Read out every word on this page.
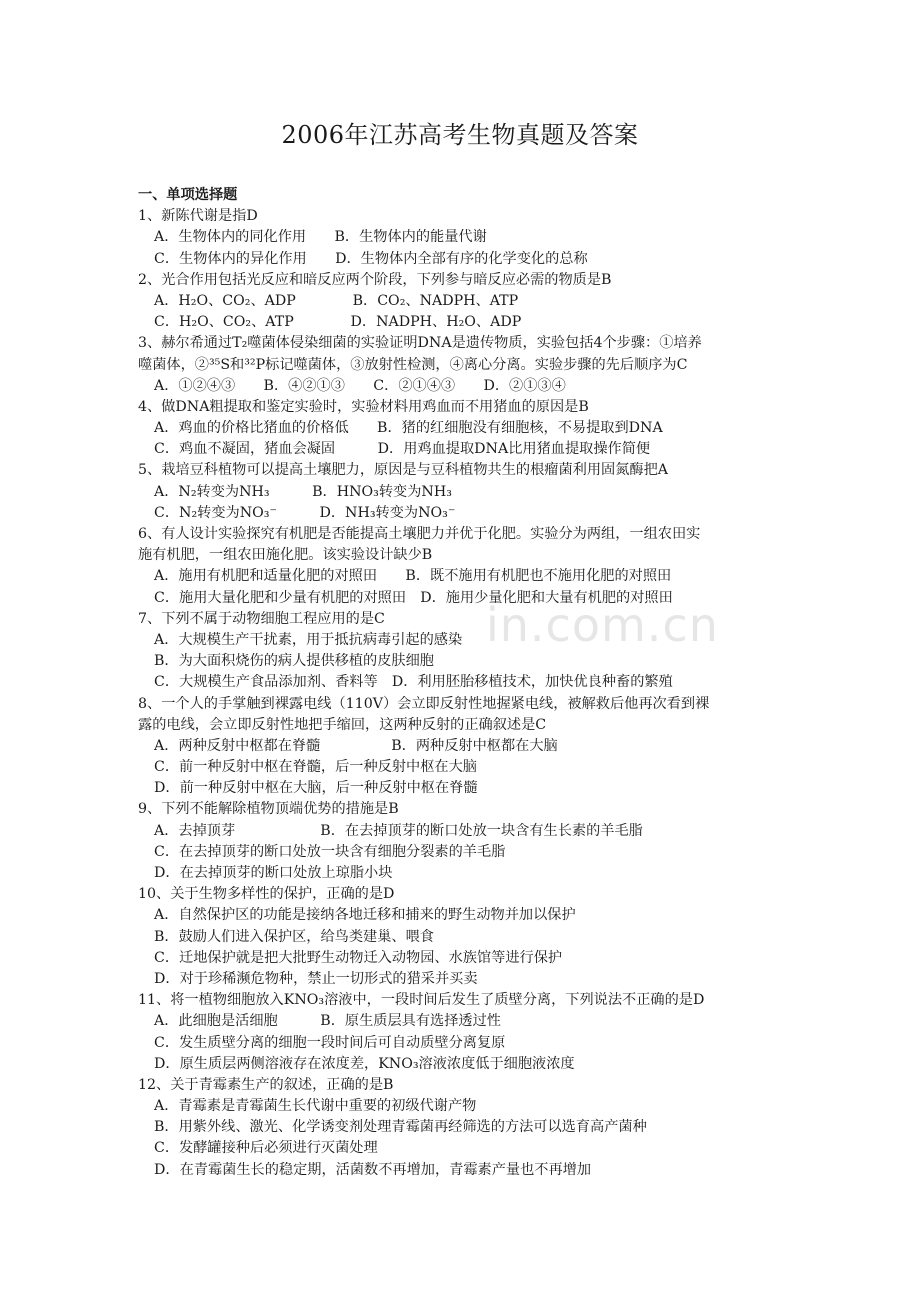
in.com.cn
2006年江苏高考生物真题及答案
一、单项选择题
1、新陈代谢是指D
A．生物体内的同化作用　　B．生物体内的能量代谢
C．生物体内的异化作用　　D．生物体内全部有序的化学变化的总称
2、光合作用包括光反应和暗反应两个阶段，下列参与暗反应必需的物质是B
A．H₂O、CO₂、ADP　　　　B．CO₂、NADPH、ATP
C．H₂O、CO₂、ATP　　　　D．NADPH、H₂O、ADP
3、赫尔希通过T₂噬菌体侵染细菌的实验证明DNA是遗传物质，实验包括4个步骤：①培养
噬菌体，②³⁵S和³²P标记噬菌体，③放射性检测，④离心分离。实验步骤的先后顺序为C
A．①②④③　　B．④②①③　　C．②①④③　　D．②①③④
4、做DNA粗提取和鉴定实验时，实验材料用鸡血而不用猪血的原因是B
A．鸡血的价格比猪血的价格低　　B．猪的红细胞没有细胞核，不易提取到DNA
C．鸡血不凝固，猪血会凝固　　　D．用鸡血提取DNA比用猪血提取操作简便
5、栽培豆科植物可以提高土壤肥力，原因是与豆科植物共生的根瘤菌利用固氮酶把A
A．N₂转变为NH₃　　　B．HNO₃转变为NH₃
C．N₂转变为NO₃⁻　　　D．NH₃转变为NO₃⁻
6、有人设计实验探究有机肥是否能提高土壤肥力并优于化肥。实验分为两组，一组农田实
施有机肥，一组农田施化肥。该实验设计缺少B
A．施用有机肥和适量化肥的对照田　　B．既不施用有机肥也不施用化肥的对照田
C．施用大量化肥和少量有机肥的对照田　D．施用少量化肥和大量有机肥的对照田
7、下列不属于动物细胞工程应用的是C
A．大规模生产干扰素，用于抵抗病毒引起的感染
B．为大面积烧伤的病人提供移植的皮肤细胞
C．大规模生产食品添加剂、香料等　D．利用胚胎移植技术，加快优良种畜的繁殖
8、一个人的手掌触到裸露电线（110V）会立即反射性地握紧电线，被解救后他再次看到裸
露的电线，会立即反射性地把手缩回，这两种反射的正确叙述是C
A．两种反射中枢都在脊髓　　　　　B．两种反射中枢都在大脑
C．前一种反射中枢在脊髓，后一种反射中枢在大脑
D．前一种反射中枢在大脑，后一种反射中枢在脊髓
9、下列不能解除植物顶端优势的措施是B
A．去掉顶芽　　　　　　B．在去掉顶芽的断口处放一块含有生长素的羊毛脂
C．在去掉顶芽的断口处放一块含有细胞分裂素的羊毛脂
D．在去掉顶芽的断口处放上琼脂小块
10、关于生物多样性的保护，正确的是D
A．自然保护区的功能是接纳各地迁移和捕来的野生动物并加以保护
B．鼓励人们进入保护区，给鸟类建巢、喂食
C．迁地保护就是把大批野生动物迁入动物园、水族馆等进行保护
D．对于珍稀濒危物种，禁止一切形式的猎采并买卖
11、将一植物细胞放入KNO₃溶液中，一段时间后发生了质壁分离，下列说法不正确的是D
A．此细胞是活细胞　　　B．原生质层具有选择透过性
C．发生质壁分离的细胞一段时间后可自动质壁分离复原
D．原生质层两侧溶液存在浓度差，KNO₃溶液浓度低于细胞液浓度
12、关于青霉素生产的叙述，正确的是B
A．青霉素是青霉菌生长代谢中重要的初级代谢产物
B．用紫外线、激光、化学诱变剂处理青霉菌再经筛选的方法可以选育高产菌种
C．发酵罐接种后必须进行灭菌处理
D．在青霉菌生长的稳定期，活菌数不再增加，青霉素产量也不再增加
